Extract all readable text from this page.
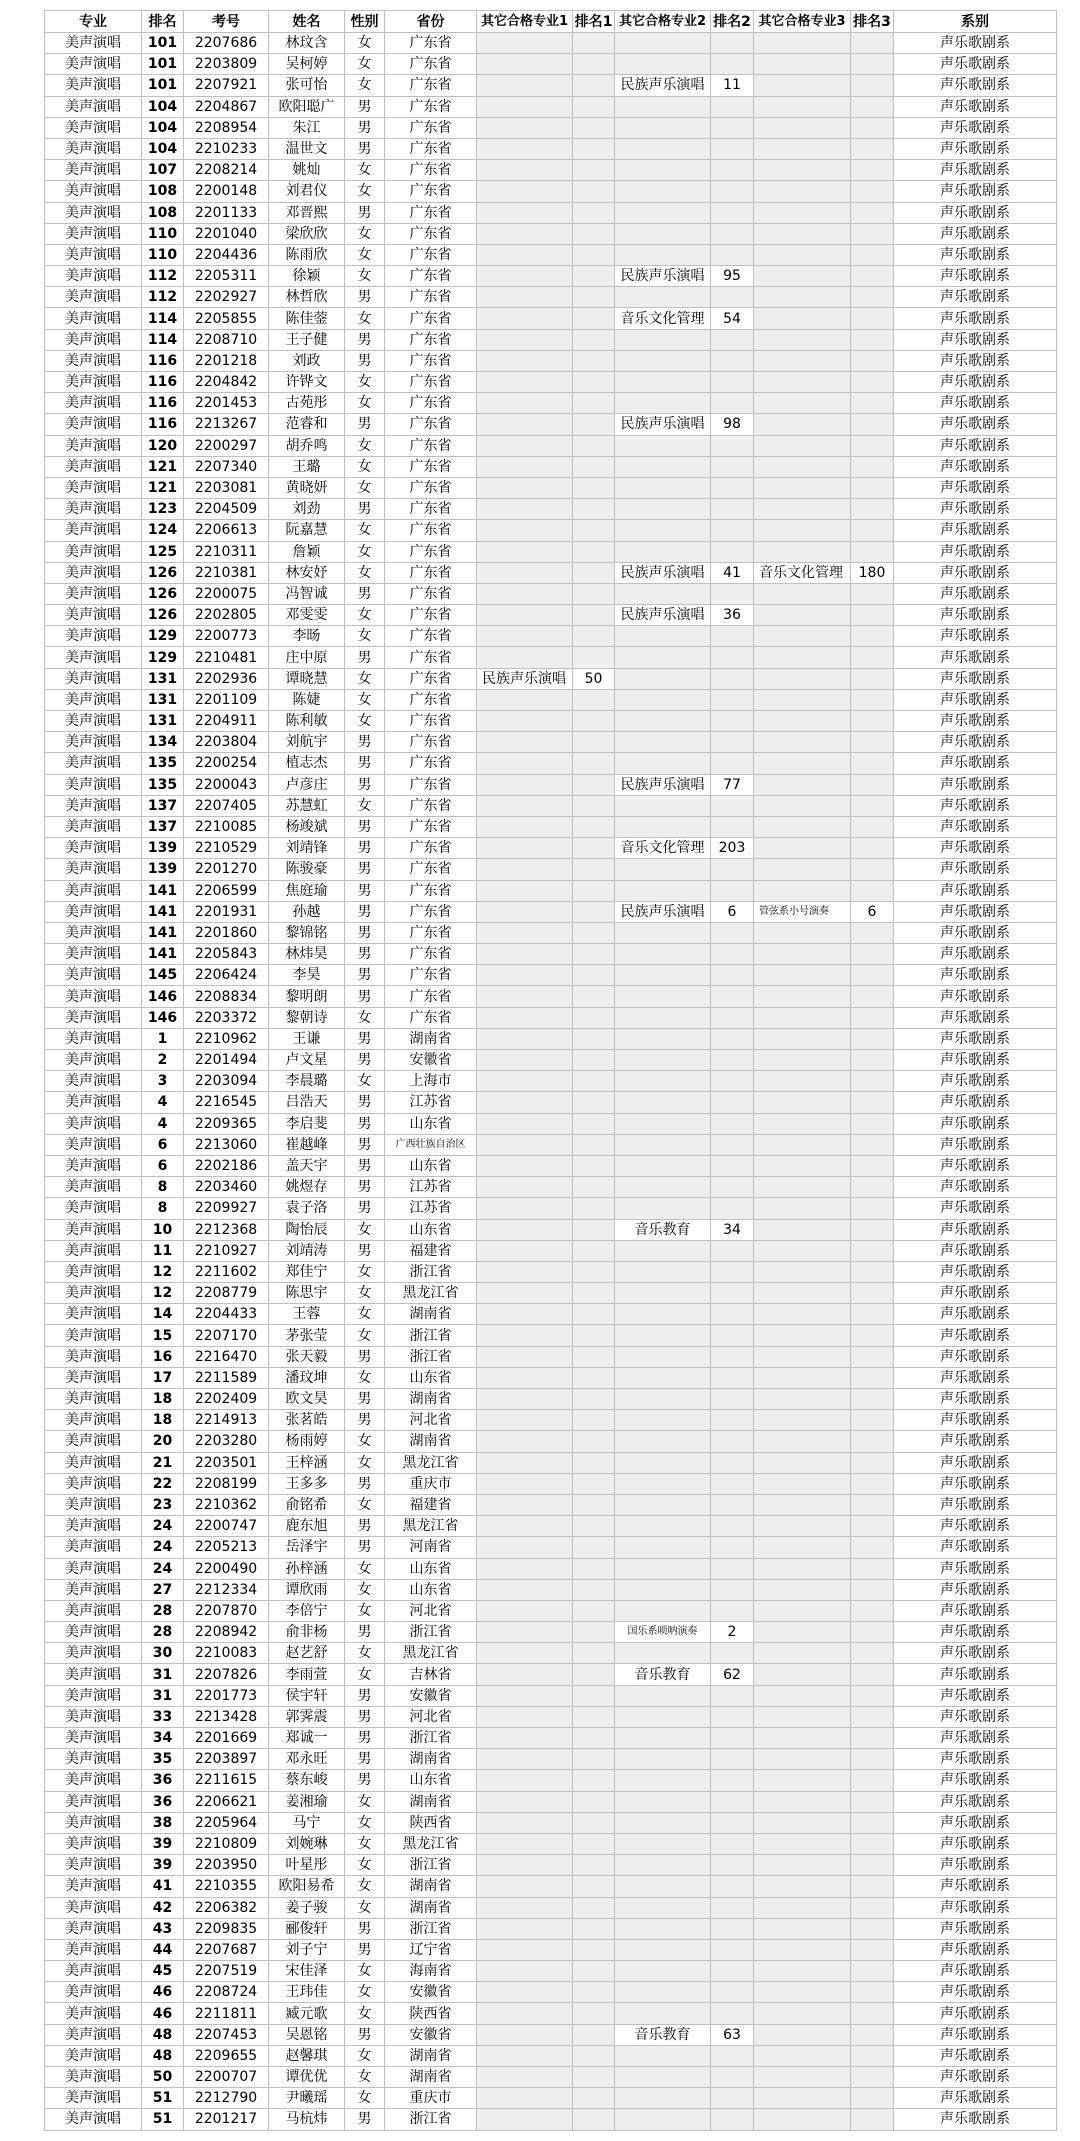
专业	排名	考号	姓名	性别	省份	其它合格专业1	排名1	其它合格专业2	排名2	其它合格专业3	排名3	系别
美声演唱	101	2207686	林玟含	女	广东省							声乐歌剧系
美声演唱	101	2203809	吴柯婷	女	广东省							声乐歌剧系
美声演唱	101	2207921	张可怡	女	广东省			民族声乐演唱	11			声乐歌剧系
美声演唱	104	2204867	欧阳聪广	男	广东省							声乐歌剧系
美声演唱	104	2208954	朱江	男	广东省							声乐歌剧系
美声演唱	104	2210233	温世文	男	广东省							声乐歌剧系
美声演唱	107	2208214	姚灿	女	广东省							声乐歌剧系
美声演唱	108	2200148	刘君仪	女	广东省							声乐歌剧系
美声演唱	108	2201133	邓晋熙	男	广东省							声乐歌剧系
美声演唱	110	2201040	梁欣欣	女	广东省							声乐歌剧系
美声演唱	110	2204436	陈雨欣	女	广东省							声乐歌剧系
美声演唱	112	2205311	徐颖	女	广东省			民族声乐演唱	95			声乐歌剧系
美声演唱	112	2202927	林哲欣	男	广东省							声乐歌剧系
美声演唱	114	2205855	陈佳蓥	女	广东省			音乐文化管理	54			声乐歌剧系
美声演唱	114	2208710	王子健	男	广东省							声乐歌剧系
美声演唱	116	2201218	刘政	男	广东省							声乐歌剧系
美声演唱	116	2204842	许铧文	女	广东省							声乐歌剧系
美声演唱	116	2201453	古苑彤	女	广东省							声乐歌剧系
美声演唱	116	2213267	范睿和	男	广东省			民族声乐演唱	98			声乐歌剧系
美声演唱	120	2200297	胡乔鸣	女	广东省							声乐歌剧系
美声演唱	121	2207340	王璐	女	广东省							声乐歌剧系
美声演唱	121	2203081	黄晓妍	女	广东省							声乐歌剧系
美声演唱	123	2204509	刘劲	男	广东省							声乐歌剧系
美声演唱	124	2206613	阮嘉慧	女	广东省							声乐歌剧系
美声演唱	125	2210311	詹颖	女	广东省							声乐歌剧系
美声演唱	126	2210381	林安妤	女	广东省			民族声乐演唱	41	音乐文化管理	180	声乐歌剧系
美声演唱	126	2200075	冯智诚	男	广东省							声乐歌剧系
美声演唱	126	2202805	邓雯雯	女	广东省			民族声乐演唱	36			声乐歌剧系
美声演唱	129	2200773	李旸	女	广东省							声乐歌剧系
美声演唱	129	2210481	庄中原	男	广东省							声乐歌剧系
美声演唱	131	2202936	谭晓慧	女	广东省	民族声乐演唱	50					声乐歌剧系
美声演唱	131	2201109	陈婕	女	广东省							声乐歌剧系
美声演唱	131	2204911	陈利敏	女	广东省							声乐歌剧系
美声演唱	134	2203804	刘航宇	男	广东省							声乐歌剧系
美声演唱	135	2200254	植志杰	男	广东省							声乐歌剧系
美声演唱	135	2200043	卢彦庄	男	广东省			民族声乐演唱	77			声乐歌剧系
美声演唱	137	2207405	苏慧虹	女	广东省							声乐歌剧系
美声演唱	137	2210085	杨竣斌	男	广东省							声乐歌剧系
美声演唱	139	2210529	刘靖锋	男	广东省			音乐文化管理	203			声乐歌剧系
美声演唱	139	2201270	陈骏豪	男	广东省							声乐歌剧系
美声演唱	141	2206599	焦庭瑜	男	广东省							声乐歌剧系
美声演唱	141	2201931	孙越	男	广东省			民族声乐演唱	6	管弦系小号演奏	6	声乐歌剧系
美声演唱	141	2201860	黎锦铭	男	广东省							声乐歌剧系
美声演唱	141	2205843	林炜昊	男	广东省							声乐歌剧系
美声演唱	145	2206424	李昊	男	广东省							声乐歌剧系
美声演唱	146	2208834	黎明朗	男	广东省							声乐歌剧系
美声演唱	146	2203372	黎朝诗	女	广东省							声乐歌剧系
美声演唱	1	2210962	王谦	男	湖南省							声乐歌剧系
美声演唱	2	2201494	卢文星	男	安徽省							声乐歌剧系
美声演唱	3	2203094	李晨璐	女	上海市							声乐歌剧系
美声演唱	4	2216545	吕浩天	男	江苏省							声乐歌剧系
美声演唱	4	2209365	李启斐	男	山东省							声乐歌剧系
美声演唱	6	2213060	崔越峰	男	广西壮族自治区							声乐歌剧系
美声演唱	6	2202186	盖天宇	男	山东省							声乐歌剧系
美声演唱	8	2203460	姚煜存	男	江苏省							声乐歌剧系
美声演唱	8	2209927	袁子洛	男	江苏省							声乐歌剧系
美声演唱	10	2212368	陶怡辰	女	山东省			音乐教育	34			声乐歌剧系
美声演唱	11	2210927	刘靖涛	男	福建省							声乐歌剧系
美声演唱	12	2211602	郑佳宁	女	浙江省							声乐歌剧系
美声演唱	12	2208779	陈思宇	女	黑龙江省							声乐歌剧系
美声演唱	14	2204433	王蓉	女	湖南省							声乐歌剧系
美声演唱	15	2207170	茅张莹	女	浙江省							声乐歌剧系
美声演唱	16	2216470	张天毅	男	浙江省							声乐歌剧系
美声演唱	17	2211589	潘玟坤	女	山东省							声乐歌剧系
美声演唱	18	2202409	欧文昊	男	湖南省							声乐歌剧系
美声演唱	18	2214913	张茗皓	男	河北省							声乐歌剧系
美声演唱	20	2203280	杨雨婷	女	湖南省							声乐歌剧系
美声演唱	21	2203501	王梓涵	女	黑龙江省							声乐歌剧系
美声演唱	22	2208199	王多多	男	重庆市							声乐歌剧系
美声演唱	23	2210362	俞铭希	女	福建省							声乐歌剧系
美声演唱	24	2200747	鹿东旭	男	黑龙江省							声乐歌剧系
美声演唱	24	2205213	岳泽宇	男	河南省							声乐歌剧系
美声演唱	24	2200490	孙梓涵	女	山东省							声乐歌剧系
美声演唱	27	2212334	谭欣雨	女	山东省							声乐歌剧系
美声演唱	28	2207870	李倍宁	女	河北省							声乐歌剧系
美声演唱	28	2208942	俞非杨	男	浙江省			国乐系唢呐演奏	2			声乐歌剧系
美声演唱	30	2210083	赵艺舒	女	黑龙江省							声乐歌剧系
美声演唱	31	2207826	李雨萱	女	吉林省			音乐教育	62			声乐歌剧系
美声演唱	31	2201773	侯宇轩	男	安徽省							声乐歌剧系
美声演唱	33	2213428	郭霁震	男	河北省							声乐歌剧系
美声演唱	34	2201669	郑诚一	男	浙江省							声乐歌剧系
美声演唱	35	2203897	邓永旺	男	湖南省							声乐歌剧系
美声演唱	36	2211615	蔡东峻	男	山东省							声乐歌剧系
美声演唱	36	2206621	姜湘瑜	女	湖南省							声乐歌剧系
美声演唱	38	2205964	马宁	女	陕西省							声乐歌剧系
美声演唱	39	2210809	刘婉琳	女	黑龙江省							声乐歌剧系
美声演唱	39	2203950	叶星彤	女	浙江省							声乐歌剧系
美声演唱	41	2210355	欧阳易希	女	湖南省							声乐歌剧系
美声演唱	42	2206382	姜子骏	女	湖南省							声乐歌剧系
美声演唱	43	2209835	郦俊轩	男	浙江省							声乐歌剧系
美声演唱	44	2207687	刘子宁	男	辽宁省							声乐歌剧系
美声演唱	45	2207519	宋佳泽	女	海南省							声乐歌剧系
美声演唱	46	2208724	王玮佳	女	安徽省							声乐歌剧系
美声演唱	46	2211811	臧元歌	女	陕西省							声乐歌剧系
美声演唱	48	2207453	吴恩铭	男	安徽省			音乐教育	63			声乐歌剧系
美声演唱	48	2209655	赵馨琪	女	湖南省							声乐歌剧系
美声演唱	50	2200707	谭优优	女	湖南省							声乐歌剧系
美声演唱	51	2212790	尹曦瑶	女	重庆市							声乐歌剧系
美声演唱	51	2201217	马杭炜	男	浙江省							声乐歌剧系
